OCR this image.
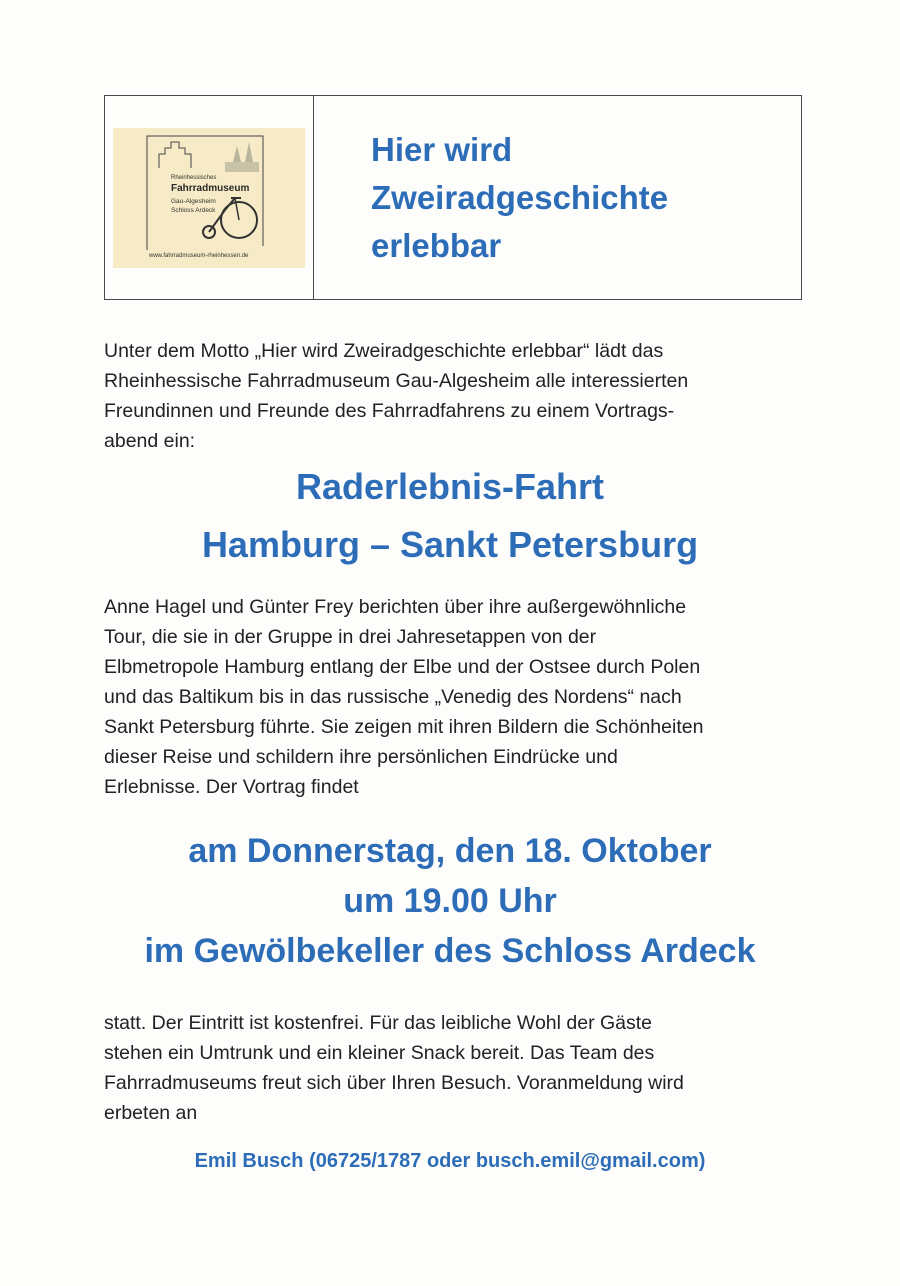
Rheinhessisches
Fahrradmuseum
Gau-Algesheim
Schloss Ardeck
www.fahrradmuseum-rheinhessen.de
Hier wird
Zweiradgeschichte
erlebbar
Unter dem Motto „Hier wird Zweiradgeschichte erlebbar“ lädt das
Rheinhessische Fahrradmuseum Gau-Algesheim alle interessierten
Freundinnen und Freunde des Fahrradfahrens zu einem Vortrags-
abend ein:
Raderlebnis-Fahrt
Hamburg – Sankt Petersburg
Anne Hagel und Günter Frey berichten über ihre außergewöhnliche
Tour, die sie in der Gruppe in drei Jahresetappen von der
Elbmetropole Hamburg entlang der Elbe und der Ostsee durch Polen
und das Baltikum bis in das russische „Venedig des Nordens“ nach
Sankt Petersburg führte. Sie zeigen mit ihren Bildern die Schönheiten
dieser Reise und schildern ihre persönlichen Eindrücke und
Erlebnisse. Der Vortrag findet
am Donnerstag, den 18. Oktober
um 19.00 Uhr
im Gewölbekeller des Schloss Ardeck
statt. Der Eintritt ist kostenfrei. Für das leibliche Wohl der Gäste
stehen ein Umtrunk und ein kleiner Snack bereit. Das Team des
Fahrradmuseums freut sich über Ihren Besuch. Voranmeldung wird
erbeten an
Emil Busch (06725/1787 oder busch.emil@gmail.com)
